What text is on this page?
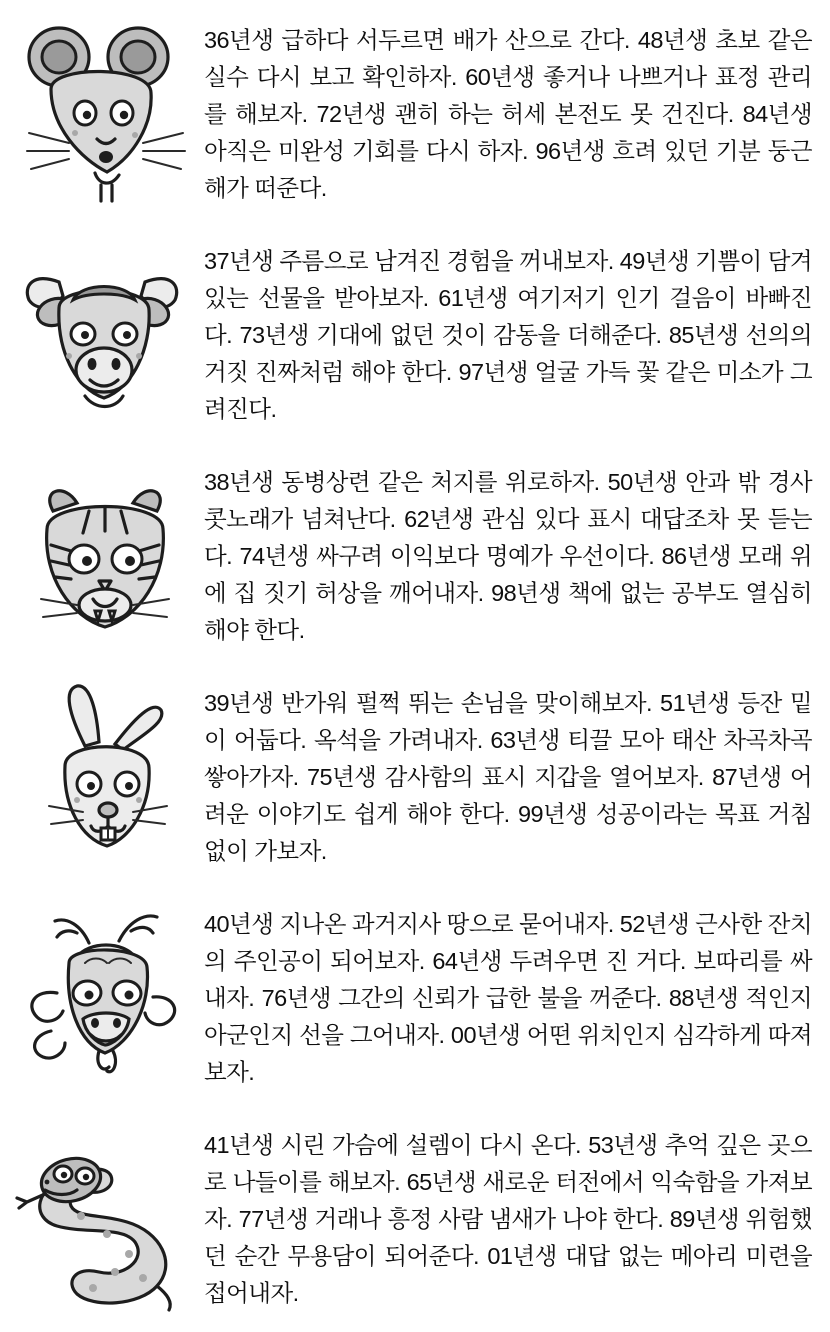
36년생 급하다 서두르면 배가 산으로 간다. 48년생 초보 같은 실수 다시 보고 확인하자. 60년생 좋거나 나쁘거나 표정 관리를 해보자. 72년생 괜히 하는 허세 본전도 못 건진다. 84년생 아직은 미완성 기회를 다시 하자. 96년생 흐려 있던 기분 둥근 해가 떠준다.
37년생 주름으로 남겨진 경험을 꺼내보자. 49년생 기쁨이 담겨 있는 선물을 받아보자. 61년생 여기저기 인기 걸음이 바빠진다. 73년생 기대에 없던 것이 감동을 더해준다. 85년생 선의의 거짓 진짜처럼 해야 한다. 97년생 얼굴 가득 꽃 같은 미소가 그려진다.
38년생 동병상련 같은 처지를 위로하자. 50년생 안과 밖 경사 콧노래가 넘쳐난다. 62년생 관심 있다 표시 대답조차 못 듣는다. 74년생 싸구려 이익보다 명예가 우선이다. 86년생 모래 위에 집 짓기 허상을 깨어내자. 98년생 책에 없는 공부도 열심히 해야 한다.
39년생 반가워 펄쩍 뛰는 손님을 맞이해보자. 51년생 등잔 밑이 어둡다. 옥석을 가려내자. 63년생 티끌 모아 태산 차곡차곡 쌓아가자. 75년생 감사함의 표시 지갑을 열어보자. 87년생 어려운 이야기도 쉽게 해야 한다. 99년생 성공이라는 목표 거침없이 가보자.
40년생 지나온 과거지사 땅으로 묻어내자. 52년생 근사한 잔치의 주인공이 되어보자. 64년생 두려우면 진 거다. 보따리를 싸내자. 76년생 그간의 신뢰가 급한 불을 꺼준다. 88년생 적인지 아군인지 선을 그어내자. 00년생 어떤 위치인지 심각하게 따져보자.
41년생 시린 가슴에 설렘이 다시 온다. 53년생 추억 깊은 곳으로 나들이를 해보자. 65년생 새로운 터전에서 익숙함을 가져보자. 77년생 거래나 흥정 사람 냄새가 나야 한다. 89년생 위험했던 순간 무용담이 되어준다. 01년생 대답 없는 메아리 미련을 접어내자.
